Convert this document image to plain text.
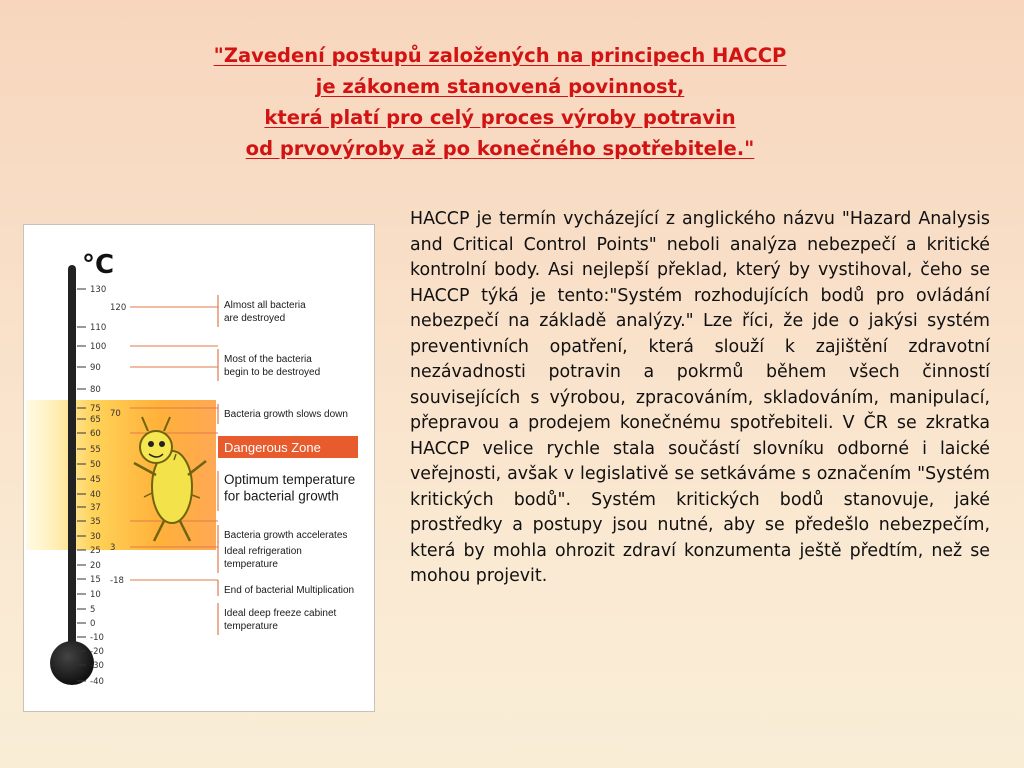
"Zavedení postupů založených na principech HACCP
je zákonem stanovená povinnost,
která platí pro celý proces výroby potravin
od prvovýroby až po konečného spotřebitele."
°C
130
110
100
90
80
75
65
60
55
50
45
40
37
35
30
25
20
15
10
5
0
-10
-20
-30
-40
120
70
3
-18
Almost all bacteria
are destroyed
Most of the bacteria
begin to be destroyed
Bacteria growth slows down
Dangerous Zone
Optimum temperature
for bacterial growth
Bacteria growth accelerates
Ideal refrigeration
temperature
End of bacterial Multiplication
Ideal deep freeze cabinet
temperature

HACCP je termín vycházející z anglického názvu "Hazard Analysis and Critical Control Points" neboli analýza nebezpečí a kritické kontrolní body. Asi nejlepší překlad, který by vystihoval, čeho se HACCP týká je tento:"Systém rozhodujících bodů pro ovládání nebezpečí na základě analýzy." Lze říci, že jde o jakýsi systém preventivních opatření, která slouží k zajištění zdravotní nezávadnosti potravin a pokrmů během všech činností souvisejících s výrobou, zpracováním, skladováním, manipulací, přepravou a prodejem konečnému spotřebiteli. V ČR se zkratka HACCP velice rychle stala součástí slovníku odborné i laické veřejnosti, avšak v legislativě se setkáváme s označením "Systém kritických bodů". Systém kritických bodů stanovuje, jaké prostředky a postupy jsou nutné, aby se předešlo nebezpečím, která by mohla ohrozit zdraví konzumenta ještě předtím, než se mohou projevit.
